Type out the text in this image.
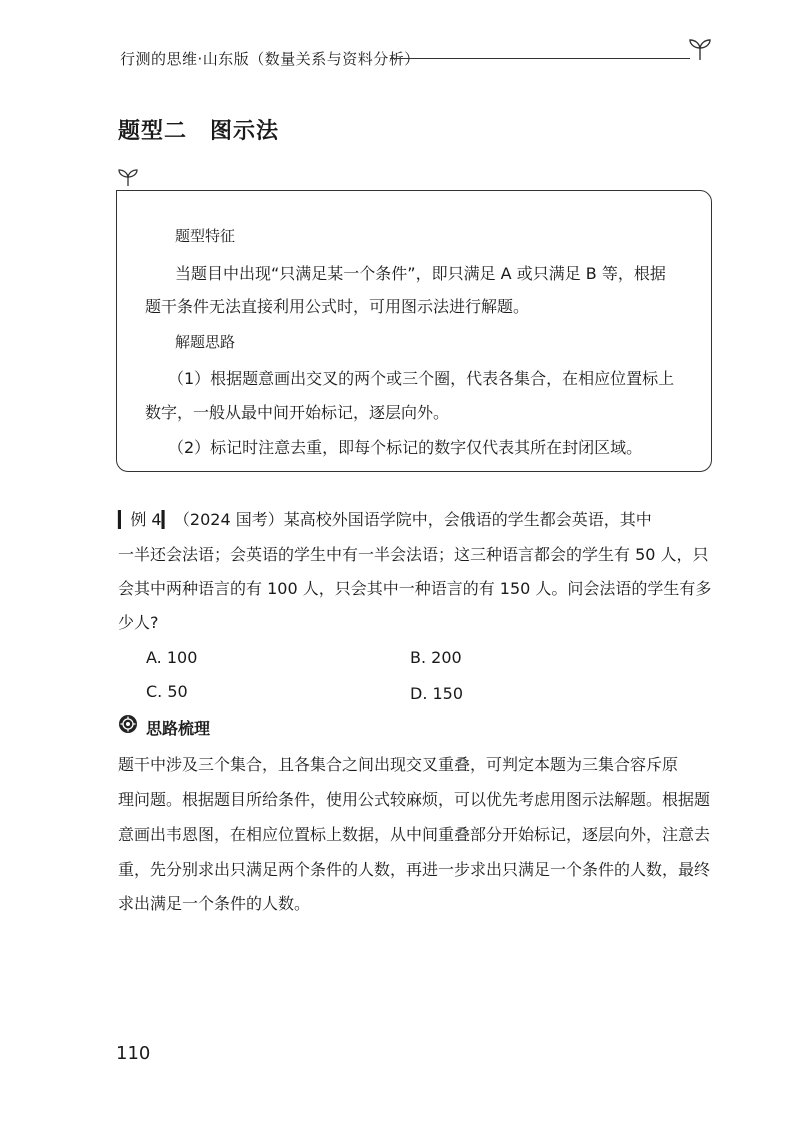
行测的思维·山东版（数量关系与资料分析）
题型二　图示法
题型特征
当题目中出现“只满足某一个条件”，即只满足 A 或只满足 B 等，根据
题干条件无法直接利用公式时，可用图示法进行解题。
解题思路
（1）根据题意画出交叉的两个或三个圈，代表各集合，在相应位置标上
数字，一般从最中间开始标记，逐层向外。
（2）标记时注意去重，即每个标记的数字仅代表其所在封闭区域。
▎例 4▎（2024 国考）某高校外国语学院中，会俄语的学生都会英语，其中
一半还会法语；会英语的学生中有一半会法语；这三种语言都会的学生有 50 人，只
会其中两种语言的有 100 人，只会其中一种语言的有 150 人。问会法语的学生有多
少人?
A. 100	B. 200
C. 50	D. 150
思路梳理
题干中涉及三个集合，且各集合之间出现交叉重叠，可判定本题为三集合容斥原
理问题。根据题目所给条件，使用公式较麻烦，可以优先考虑用图示法解题。根据题
意画出韦恩图，在相应位置标上数据，从中间重叠部分开始标记，逐层向外，注意去
重，先分别求出只满足两个条件的人数，再进一步求出只满足一个条件的人数，最终
求出满足一个条件的人数。
110
